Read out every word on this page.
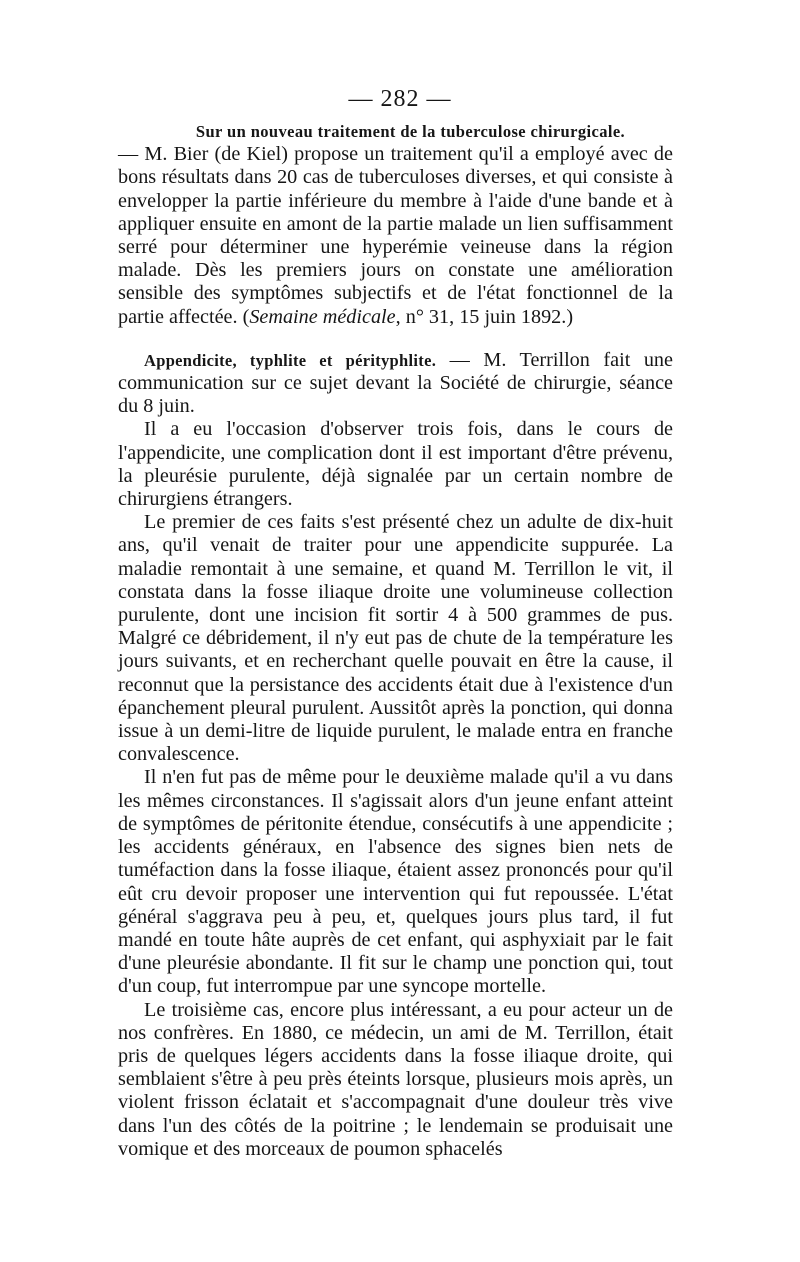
— 282 —
Sur un nouveau traitement de la tuberculose chirurgicale.

— M. Bier (de Kiel) propose un traitement qu'il a employé avec de bons résultats dans 20 cas de tuberculoses diverses, et qui consiste à envelopper la partie inférieure du membre à l'aide d'une bande et à appliquer ensuite en amont de la partie malade un lien suffisamment serré pour déterminer une hyperémie veineuse dans la région malade. Dès les premiers jours on constate une amélioration sensible des symptômes subjectifs et de l'état fonctionnel de la partie affectée. (Semaine médicale, n° 31, 15 juin 1892.)

Appendicite, typhlite et pérityphlite. — M. Terrillon fait une communication sur ce sujet devant la Société de chirurgie, séance du 8 juin.

Il a eu l'occasion d'observer trois fois, dans le cours de l'appendicite, une complication dont il est important d'être prévenu, la pleurésie purulente, déjà signalée par un certain nombre de chirurgiens étrangers.

Le premier de ces faits s'est présenté chez un adulte de dix-huit ans, qu'il venait de traiter pour une appendicite suppurée. La maladie remontait à une semaine, et quand M. Terrillon le vit, il constata dans la fosse iliaque droite une volumineuse collection purulente, dont une incision fit sortir 4 à 500 grammes de pus. Malgré ce débridement, il n'y eut pas de chute de la température les jours suivants, et en recherchant quelle pouvait en être la cause, il reconnut que la persistance des accidents était due à l'existence d'un épanchement pleural purulent. Aussitôt après la ponction, qui donna issue à un demi-litre de liquide purulent, le malade entra en franche convalescence.

Il n'en fut pas de même pour le deuxième malade qu'il a vu dans les mêmes circonstances. Il s'agissait alors d'un jeune enfant atteint de symptômes de péritonite étendue, consécutifs à une appendicite ; les accidents généraux, en l'absence des signes bien nets de tuméfaction dans la fosse iliaque, étaient assez prononcés pour qu'il eût cru devoir proposer une intervention qui fut repoussée. L'état général s'aggrava peu à peu, et, quelques jours plus tard, il fut mandé en toute hâte auprès de cet enfant, qui asphyxiait par le fait d'une pleurésie abondante. Il fit sur le champ une ponction qui, tout d'un coup, fut interrompue par une syncope mortelle.

Le troisième cas, encore plus intéressant, a eu pour acteur un de nos confrères. En 1880, ce médecin, un ami de M. Terrillon, était pris de quelques légers accidents dans la fosse iliaque droite, qui semblaient s'être à peu près éteints lorsque, plusieurs mois après, un violent frisson éclatait et s'accompagnait d'une douleur très vive dans l'un des côtés de la poitrine ; le lendemain se produisait une vomique et des morceaux de poumon sphacelés
